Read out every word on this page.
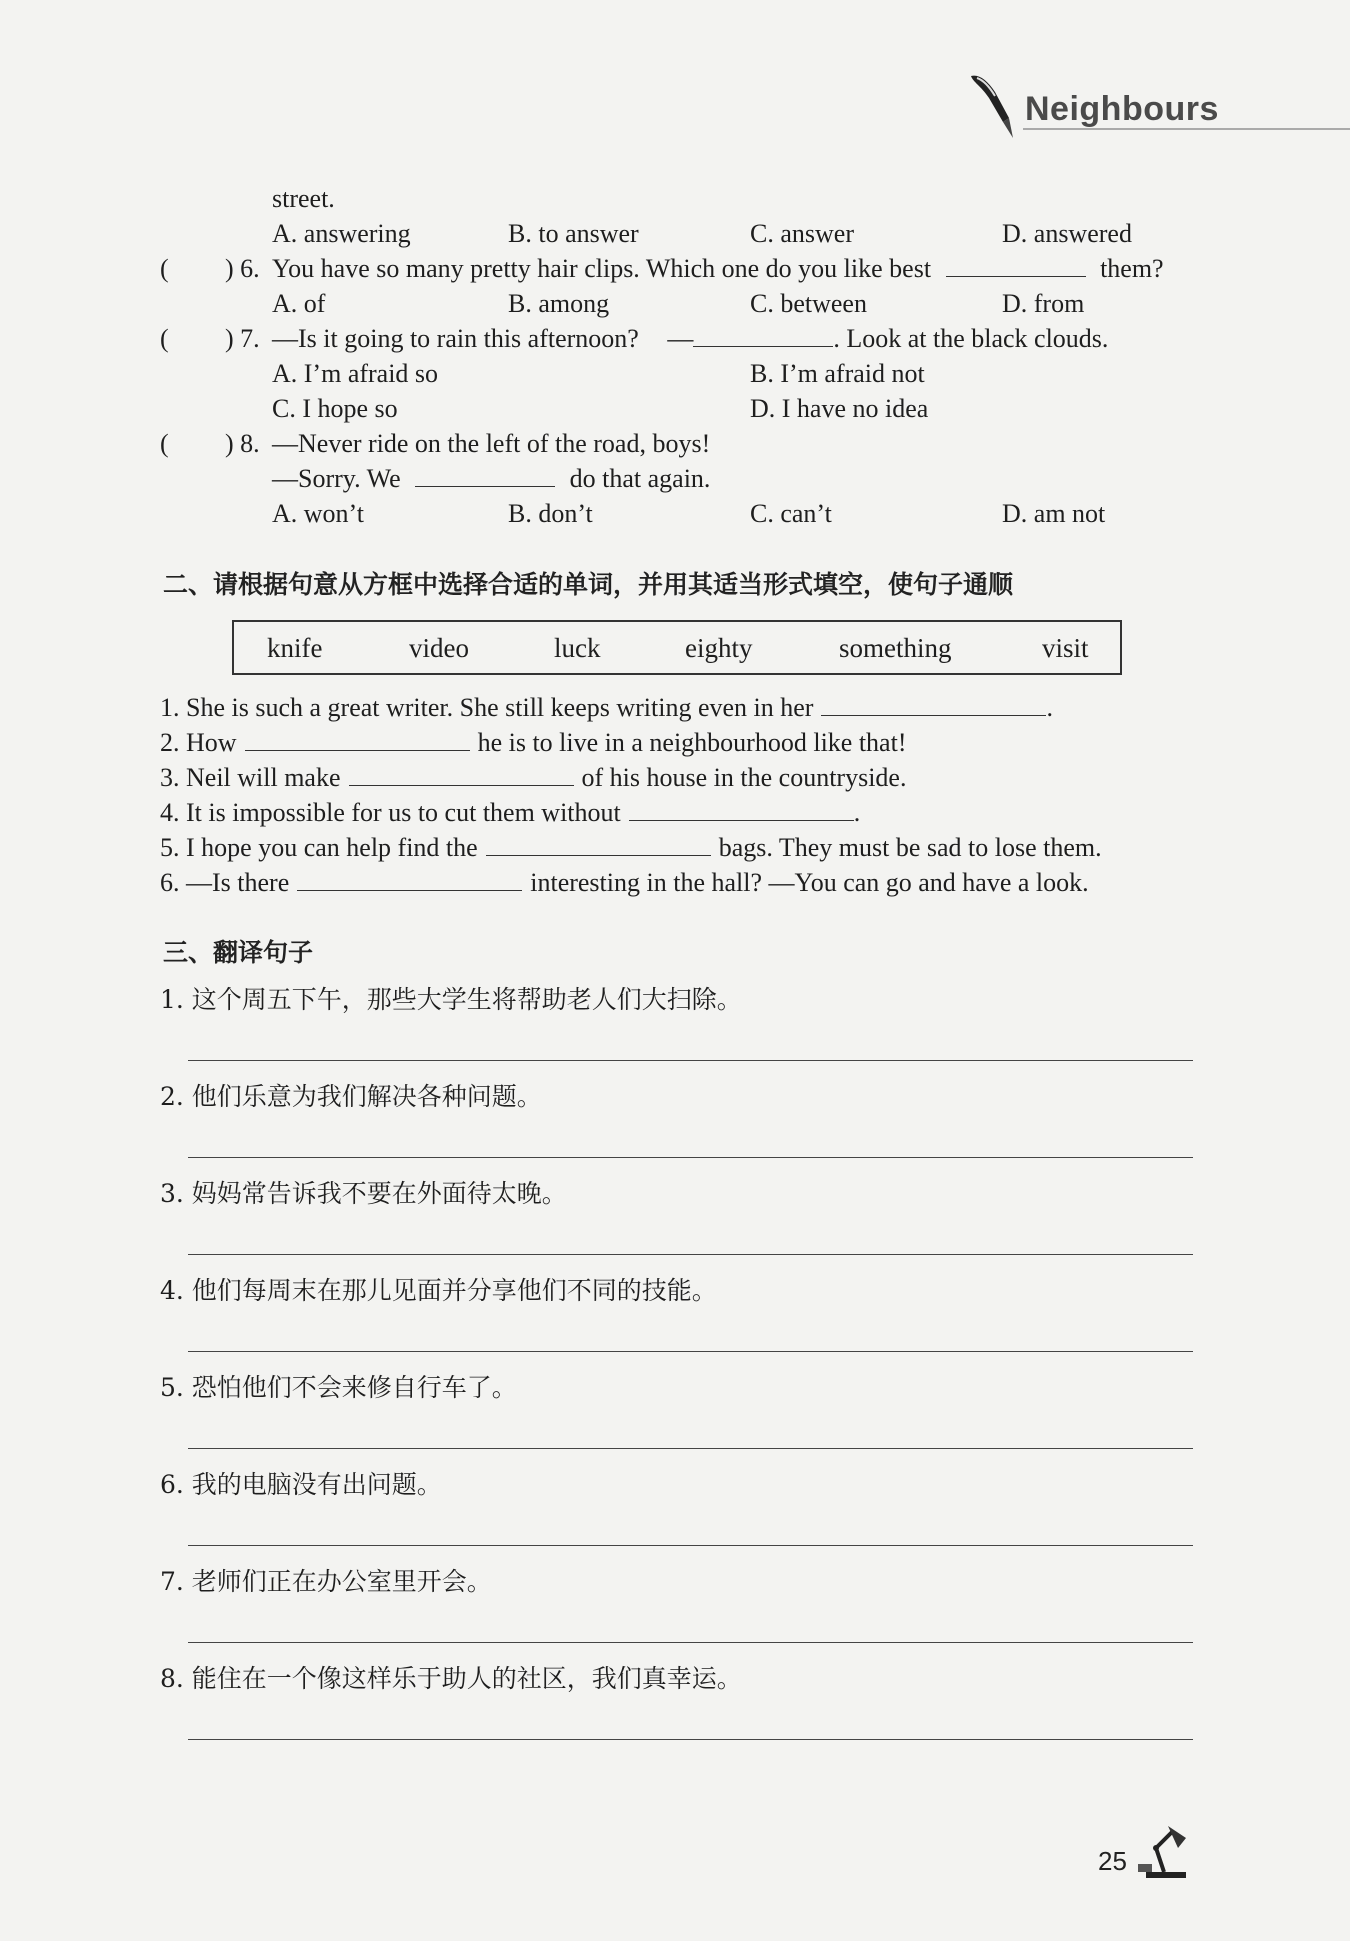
Neighbours
street.
A. answering	B. to answer	C. answer	D. answered
( ) 6. You have so many pretty hair clips. Which one do you like best	them?
A. of	B. among	C. between	D. from
( ) 7. —Is it going to rain this afternoon? —	. Look at the black clouds.
A. I’m afraid so	B. I’m afraid not
C. I hope so	D. I have no idea
( ) 8. —Never ride on the left of the road, boys!
—Sorry. We	do that again.
A. won’t	B. don’t	C. can’t	D. am not
二、请根据句意从方框中选择合适的单词，并用其适当形式填空，使句子通顺
knife	video	luck	eighty	something	visit
1. She is such a great writer. She still keeps writing even in her	.
2. How	he is to live in a neighbourhood like that!
3. Neil will make	of his house in the countryside.
4. It is impossible for us to cut them without	.
5. I hope you can help find the	bags. They must be sad to lose them.
6. —Is there	interesting in the hall? —You can go and have a look.
三、翻译句子
1. 这个周五下午，那些大学生将帮助老人们大扫除。
2. 他们乐意为我们解决各种问题。
3. 妈妈常告诉我不要在外面待太晚。
4. 他们每周末在那儿见面并分享他们不同的技能。
5. 恐怕他们不会来修自行车了。
6. 我的电脑没有出问题。
7. 老师们正在办公室里开会。
8. 能住在一个像这样乐于助人的社区，我们真幸运。
25
